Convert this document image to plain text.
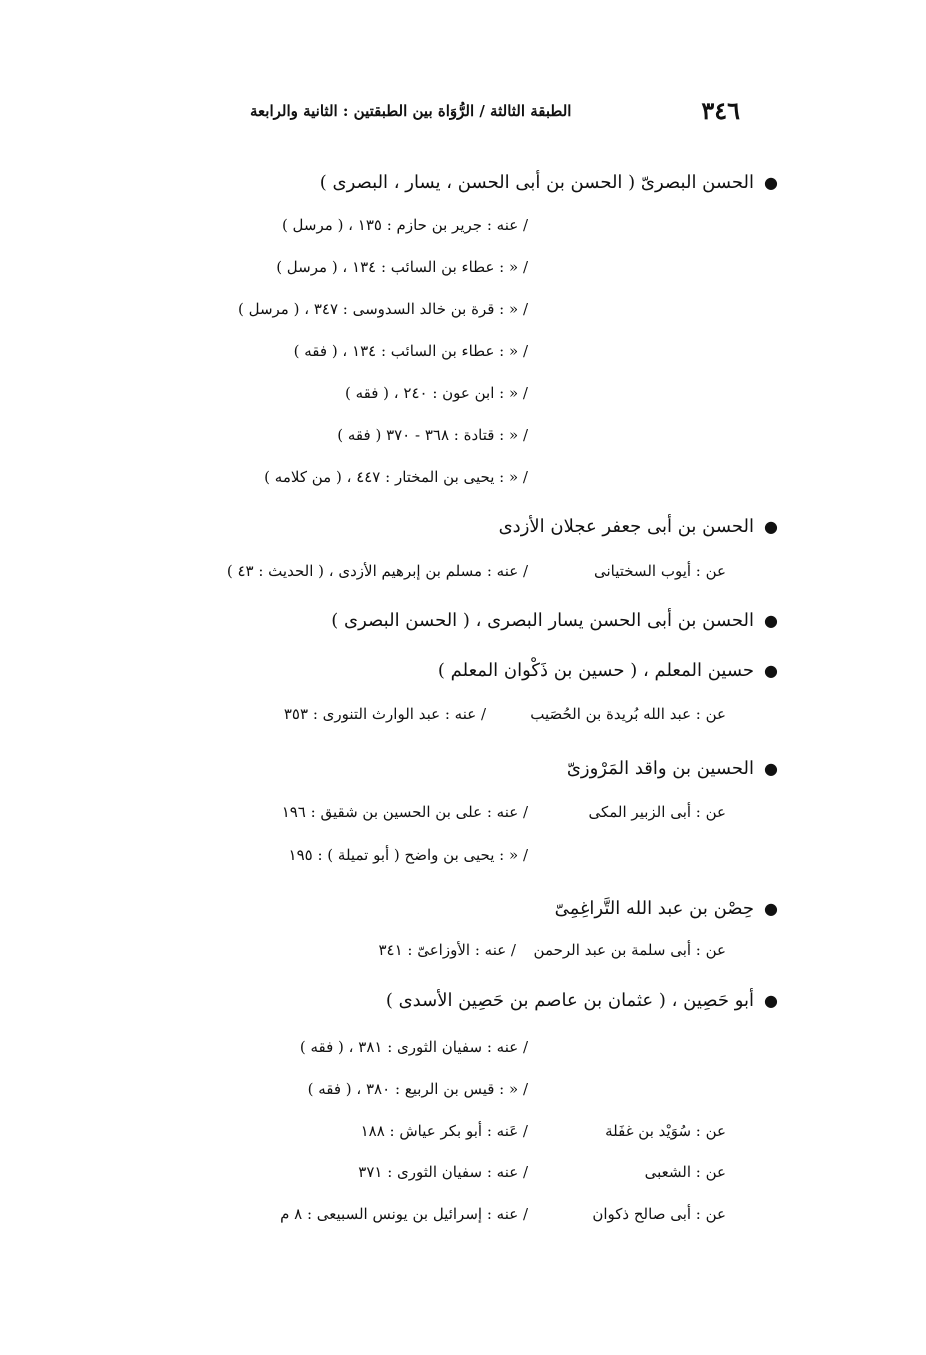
٣٤٦
الطبقة الثالثة / الرُّوَاة بين الطبقتين : الثانية والرابعة
●الحسن البصرىّ ( الحسن بن أبى الحسن ، يسار ، البصرى )
/ عنه : جرير بن حازم : ١٣٥ ، ( مرسل )
/ « : عطاء بن السائب : ١٣٤ ، ( مرسل )
/ « : قرة بن خالد السدوسى : ٣٤٧ ، ( مرسل )
/ « : عطاء بن السائب : ١٣٤ ، ( فقه )
/ « : ابن عون : ٢٤٠ ، ( فقه )
/ « : قتادة : ٣٦٨ - ٣٧٠ ( فقه )
/ « : يحيى بن المختار : ٤٤٧ ، ( من كلامه )
●الحسن بن أبى جعفر عجلان الأزدى
عن : أيوب السختيانى
/ عنه : مسلم بن إبرهيم الأزدى ، ( الحديث : ٤٣ )
●الحسن بن أبى الحسن يسار البصرى ، ( الحسن البصرى )
●حسين المعلم ، ( حسين بن ذَكْوان المعلم )
عن : عبد الله بُريدة بن الحُصَيب
/ عنه : عبد الوارث التنورى : ٣٥٣
●الحسين بن واقد المَرْوزىّ
عن : أبى الزبير المكى
/ عنه : على بن الحسين بن شقيق : ١٩٦
/ « : يحيى بن واضح ( أبو تميلة ) : ١٩٥
●حِصْن بن عبد الله التَّراغِمِىّ
عن : أبى سلمة بن عبد الرحمن
/ عنه : الأوزاعىّ : ٣٤١
●أبو حَصِين ، ( عثمان بن عاصم بن حَصِين الأسدى )
/ عنه : سفيان الثورى : ٣٨١ ، ( فقه )
/ « : قيس بن الربيع : ٣٨٠ ، ( فقه )
عن : سُوَيْد بن غفَلة
/ عَنه : أبو بكر عياش : ١٨٨
عن : الشعبى
/ عنه : سفيان الثورى : ٣٧١
عن : أبى صالح ذكوان
/ عنه : إسرائيل بن يونس السبيعى : ٨ م
